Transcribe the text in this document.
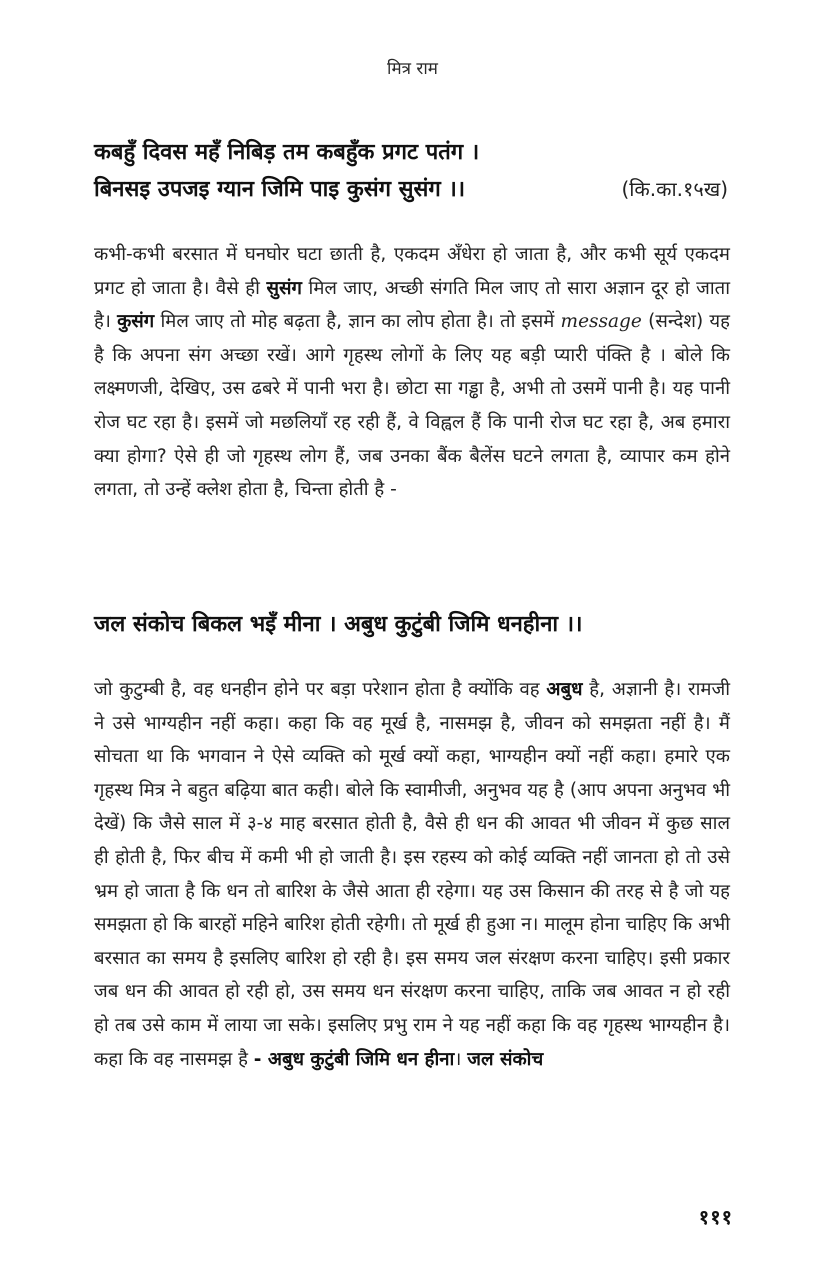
मित्र राम
कबहुँ दिवस महँ निबिड़ तम कबहुँक प्रगट पतंग ।
बिनसइ उपजइ ग्यान जिमि पाइ कुसंग सुसंग ।।	(कि.का.१५ख)

कभी-कभी बरसात में घनघोर घटा छाती है, एकदम अँधेरा हो जाता है, और कभी सूर्य एकदम प्रगट हो जाता है। वैसे ही सुसंग मिल जाए, अच्छी संगति मिल जाए तो सारा अज्ञान दूर हो जाता है। कुसंग मिल जाए तो मोह बढ़ता है, ज्ञान का लोप होता है। तो इसमें message (सन्देश) यह है कि अपना संग अच्छा रखें। आगे गृहस्थ लोगों के लिए यह बड़ी प्यारी पंक्ति है । बोले कि लक्ष्मणजी, देखिए, उस ढबरे में पानी भरा है। छोटा सा गड्ढा है, अभी तो उसमें पानी है। यह पानी रोज घट रहा है। इसमें जो मछलियाँ रह रही हैं, वे विह्वल हैं कि पानी रोज घट रहा है, अब हमारा क्या होगा? ऐसे ही जो गृहस्थ लोग हैं, जब उनका बैंक बैलेंस घटने लगता है, व्यापार कम होने लगता, तो उन्हें क्लेश होता है, चिन्ता होती है -

जल संकोच बिकल भइँ मीना । अबुध कुटुंबी जिमि धनहीना ।।

जो कुटुम्बी है, वह धनहीन होने पर बड़ा परेशान होता है क्योंकि वह अबुध है, अज्ञानी है। रामजी ने उसे भाग्यहीन नहीं कहा। कहा कि वह मूर्ख है, नासमझ है, जीवन को समझता नहीं है। मैं सोचता था कि भगवान ने ऐसे व्यक्ति को मूर्ख क्यों कहा, भाग्यहीन क्यों नहीं कहा। हमारे एक गृहस्थ मित्र ने बहुत बढ़िया बात कही। बोले कि स्वामीजी, अनुभव यह है (आप अपना अनुभव भी देखें) कि जैसे साल में ३-४ माह बरसात होती है, वैसे ही धन की आवत भी जीवन में कुछ साल ही होती है, फिर बीच में कमी भी हो जाती है। इस रहस्य को कोई व्यक्ति नहीं जानता हो तो उसे भ्रम हो जाता है कि धन तो बारिश के जैसे आता ही रहेगा। यह उस किसान की तरह से है जो यह समझता हो कि बारहों महिने बारिश होती रहेगी। तो मूर्ख ही हुआ न। मालूम होना चाहिए कि अभी बरसात का समय है इसलिए बारिश हो रही है। इस समय जल संरक्षण करना चाहिए। इसी प्रकार जब धन की आवत हो रही हो, उस समय धन संरक्षण करना चाहिए, ताकि जब आवत न हो रही हो तब उसे काम में लाया जा सके। इसलिए प्रभु राम ने यह नहीं कहा कि वह गृहस्थ भाग्यहीन है। कहा कि वह नासमझ है - अबुध कुटुंबी जिमि धन हीना। जल संकोच

१११
